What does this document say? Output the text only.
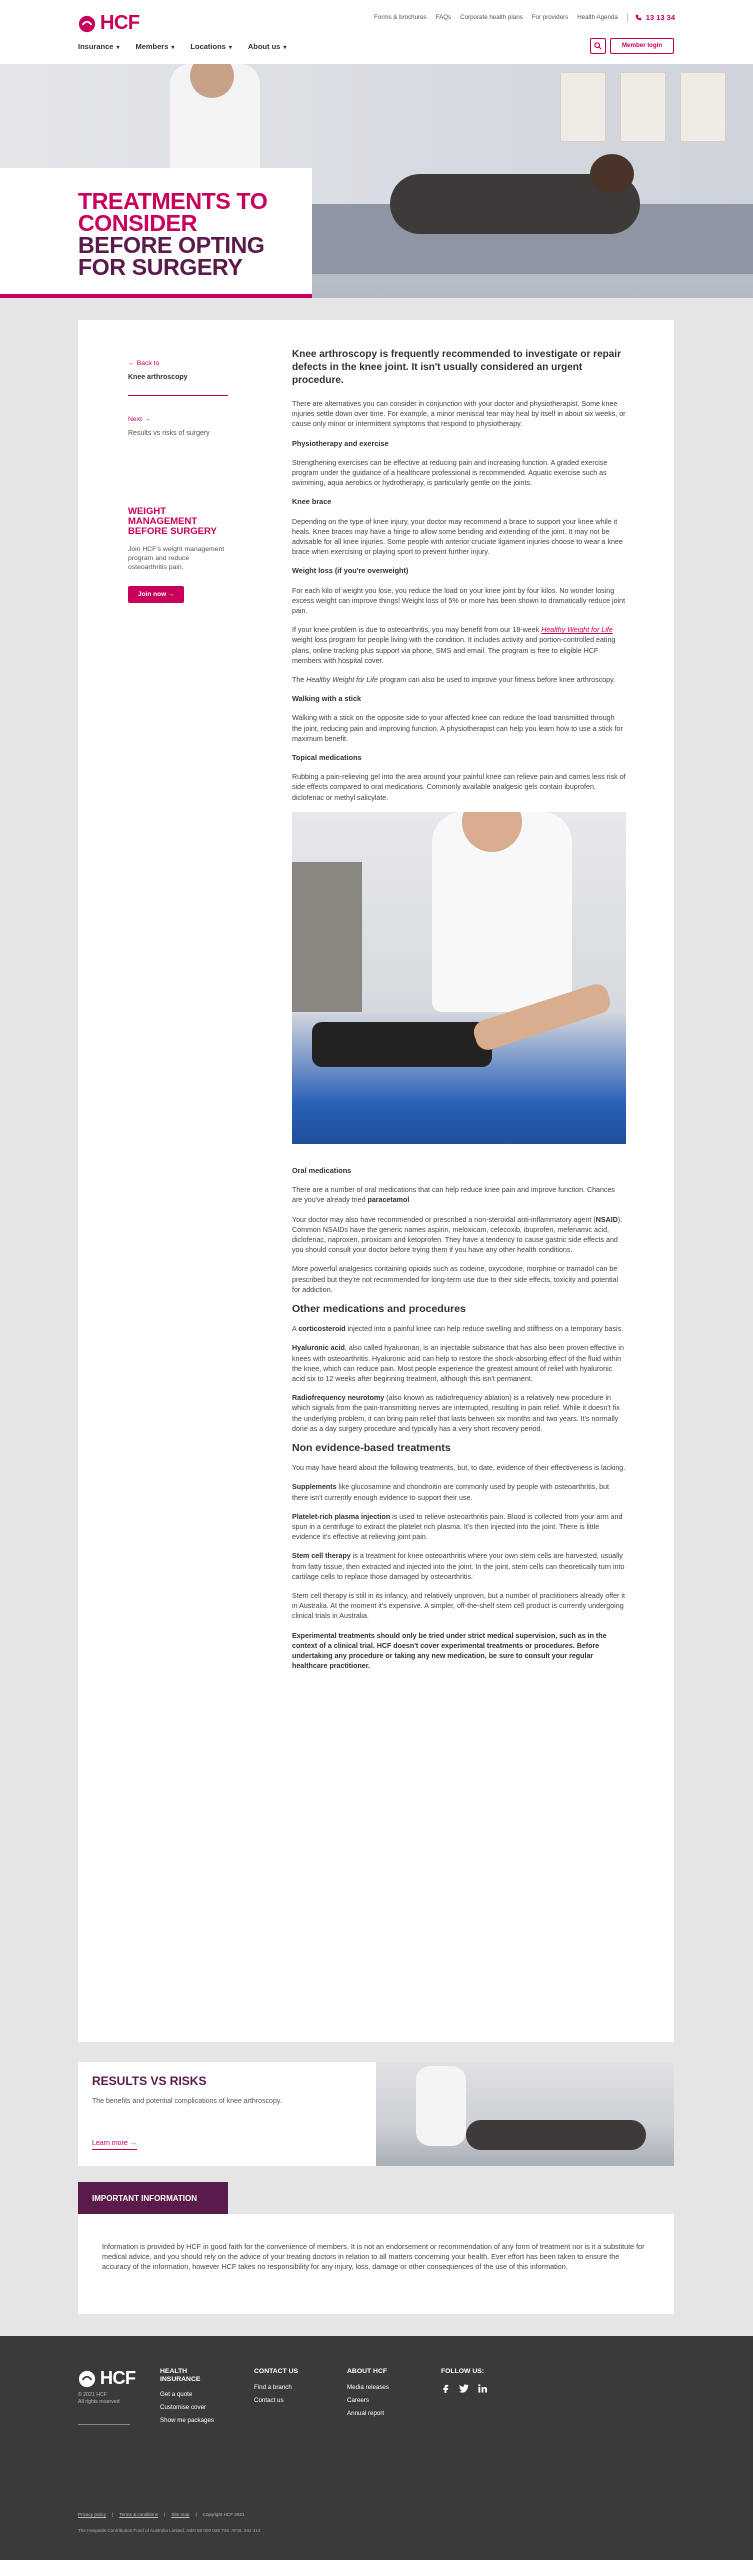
HCF	Forms & brochures FAQs Corporate health plans For providers Health Agenda	13 13 34
Insurance ▾ Members ▾ Locations ▾ About us ▾	Member login
TREATMENTS TO
CONSIDER
BEFORE OPTING
FOR SURGERY
← Back to
Knee arthroscopy
Next →
Results vs risks of surgery
WEIGHT MANAGEMENT BEFORE SURGERY
Join HCF's weight management program and reduce osteoarthritis pain.
Join now →

Knee arthroscopy is frequently recommended to investigate or repair defects in the knee joint. It isn't usually considered an urgent procedure.

There are alternatives you can consider in conjunction with your doctor and physiotherapist. Some knee injuries settle down over time. For example, a minor meniscal tear may heal by itself in about six weeks, or cause only minor or intermittent symptoms that respond to physiotherapy.

Physiotherapy and exercise

Strengthening exercises can be effective at reducing pain and increasing function. A graded exercise program under the guidance of a healthcare professional is recommended. Aquatic exercise such as swimming, aqua aerobics or hydrotherapy, is particularly gentle on the joints.

Knee brace

Depending on the type of knee injury, your doctor may recommend a brace to support your knee while it heals. Knee braces may have a hinge to allow some bending and extending of the joint. It may not be advisable for all knee injuries. Some people with anterior cruciate ligament injuries choose to wear a knee brace when exercising or playing sport to prevent further injury.

Weight loss (if you're overweight)

For each kilo of weight you lose, you reduce the load on your knee joint by four kilos. No wonder losing excess weight can improve things! Weight loss of 5% or more has been shown to dramatically reduce joint pain.

If your knee problem is due to osteoarthritis, you may benefit from our 18-week Healthy Weight for Life weight loss program for people living with the condition. It includes activity and portion-controlled eating plans, online tracking plus support via phone, SMS and email. The program is free to eligible HCF members with hospital cover.

The Healthy Weight for Life program can also be used to improve your fitness before knee arthroscopy.

Walking with a stick

Walking with a stick on the opposite side to your affected knee can reduce the load transmitted through the joint, reducing pain and improving function. A physiotherapist can help you learn how to use a stick for maximum benefit.

Topical medications

Rubbing a pain-relieving gel into the area around your painful knee can relieve pain and carries less risk of side effects compared to oral medications. Commonly available analgesic gels contain ibuprofen, diclofenac or methyl salicylate.

Oral medications

There are a number of oral medications that can help reduce knee pain and improve function. Chances are you've already tried paracetamol

Your doctor may also have recommended or prescribed a non-steroidal anti-inflammatory agent (NSAID). Common NSAIDs have the generic names aspirin, meloxicam, celecoxib, ibuprofen, mefenamic acid, diclofenac, naproxen, piroxicam and ketoprofen. They have a tendency to cause gastric side effects and you should consult your doctor before trying them if you have any other health conditions.

More powerful analgesics containing opioids such as codeine, oxycodone, morphine or tramadol can be prescribed but they're not recommended for long-term use due to their side effects, toxicity and potential for addiction.

Other medications and procedures

A corticosteroid injected into a painful knee can help reduce swelling and stiffness on a temporary basis.

Hyaluronic acid, also called hyaluronan, is an injectable substance that has also been proven effective in knees with osteoarthritis. Hyaluronic acid can help to restore the shock-absorbing effect of the fluid within the knee, which can reduce pain. Most people experience the greatest amount of relief with hyaluronic acid six to 12 weeks after beginning treatment, although this isn't permanent.

Radiofrequency neurotomy (also known as radiofrequency ablation) is a relatively new procedure in which signals from the pain-transmitting nerves are interrupted, resulting in pain relief. While it doesn't fix the underlying problem, it can bring pain relief that lasts between six months and two years. It's normally done as a day surgery procedure and typically has a very short recovery period.

Non evidence-based treatments

You may have heard about the following treatments, but, to date, evidence of their effectiveness is lacking.

Supplements like glucosamine and chondroitin are commonly used by people with osteoarthritis, but there isn't currently enough evidence to support their use.

Platelet-rich plasma injection is used to relieve osteoarthritis pain. Blood is collected from your arm and spun in a centrifuge to extract the platelet rich plasma. It's then injected into the joint. There is little evidence it's effective at relieving joint pain.

Stem cell therapy is a treatment for knee osteoarthritis where your own stem cells are harvested, usually from fatty tissue, then extracted and injected into the joint. In the joint, stem cells can theoretically turn into cartilage cells to replace those damaged by osteoarthritis.

Stem cell therapy is still in its infancy, and relatively unproven, but a number of practitioners already offer it in Australia. At the moment it's expensive. A simpler, off-the-shelf stem cell product is currently undergoing clinical trials in Australia.

Experimental treatments should only be tried under strict medical supervision, such as in the context of a clinical trial. HCF doesn't cover experimental treatments or procedures. Before undertaking any procedure or taking any new medication, be sure to consult your regular healthcare practitioner.

RESULTS VS RISKS
The benefits and potential complications of knee arthroscopy.
Learn more →
IMPORTANT INFORMATION

Information is provided by HCF in good faith for the convenience of members. It is not an endorsement or recommendation of any form of treatment nor is it a substitute for medical advice, and you should rely on the advice of your treating doctors in relation to all matters concerning your health. Ever effort has been taken to ensure the accuracy of the information, however HCF takes no responsibility for any injury, loss, damage or other consequences of the use of this information.

HCF
© 2021 HCF
All rights reserved
HEALTH INSURANCE
Get a quote
Customise cover
Show me packages
CONTACT US
Find a branch
Contact us
ABOUT HCF
Media releases
Careers
Annual report
FOLLOW US:
Privacy policy | Terms & conditions | Site map | Copyright HCF 2021
The Hospitals Contribution Fund of Australia Limited. ABN 68 000 026 746. AFSL 241 414
